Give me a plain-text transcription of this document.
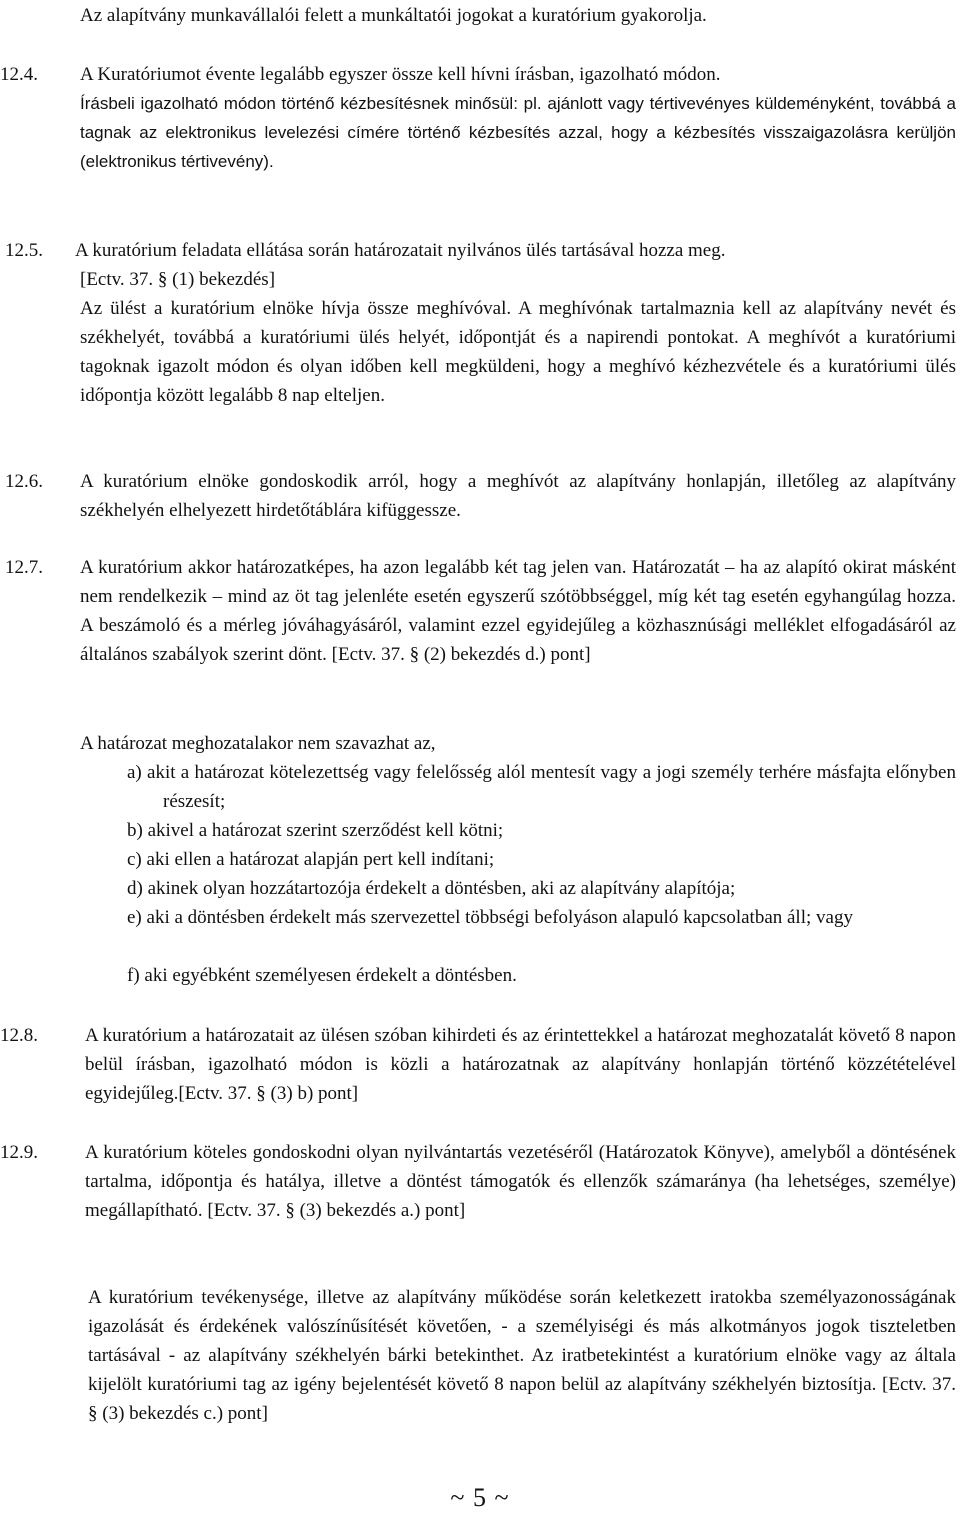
Az alapítvány munkavállalói felett a munkáltatói jogokat a kuratórium gyakorolja.

12.4. A Kuratóriumot évente legalább egyszer össze kell hívni írásban, igazolható módon.

Írásbeli igazolható módon történő kézbesítésnek minősül: pl. ajánlott vagy tértivevényes küldeményként, továbbá a tagnak az elektronikus levelezési címére történő kézbesítés azzal, hogy a kézbesítés visszaigazolásra kerüljön (elektronikus tértivevény).

12.5. A kuratórium feladata ellátása során határozatait nyilvános ülés tartásával hozza meg.

[Ectv. 37. § (1) bekezdés]

Az ülést a kuratórium elnöke hívja össze meghívóval. A meghívónak tartalmaznia kell az alapítvány nevét és székhelyét, továbbá a kuratóriumi ülés helyét, időpontját és a napirendi pontokat. A meghívót a kuratóriumi tagoknak igazolt módon és olyan időben kell megküldeni, hogy a meghívó kézhezvétele és a kuratóriumi ülés időpontja között legalább 8 nap elteljen.

12.6. A kuratórium elnöke gondoskodik arról, hogy a meghívót az alapítvány honlapján, illetőleg az alapítvány székhelyén elhelyezett hirdetőtáblára kifüggessze.

12.7. A kuratórium akkor határozatképes, ha azon legalább két tag jelen van. Határozatát – ha az alapító okirat másként nem rendelkezik – mind az öt tag jelenléte esetén egyszerű szótöbbséggel, míg két tag esetén egyhangúlag hozza. A beszámoló és a mérleg jóváhagyásáról, valamint ezzel egyidejűleg a közhasznúsági melléklet elfogadásáról az általános szabályok szerint dönt. [Ectv. 37. § (2) bekezdés d.) pont]

A határozat meghozatalakor nem szavazhat az,

a) akit a határozat kötelezettség vagy felelősség alól mentesít vagy a jogi személy terhére másfajta előnyben részesít;

b) akivel a határozat szerint szerződést kell kötni;

c) aki ellen a határozat alapján pert kell indítani;

d) akinek olyan hozzátartozója érdekelt a döntésben, aki az alapítvány alapítója;

e) aki a döntésben érdekelt más szervezettel többségi befolyáson alapuló kapcsolatban áll; vagy

f) aki egyébként személyesen érdekelt a döntésben.

12.8. A kuratórium a határozatait az ülésen szóban kihirdeti és az érintettekkel a határozat meghozatalát követő 8 napon belül írásban, igazolható módon is közli a határozatnak az alapítvány honlapján történő közzétételével egyidejűleg.[Ectv. 37. § (3) b) pont]

12.9. A kuratórium köteles gondoskodni olyan nyilvántartás vezetéséről (Határozatok Könyve), amelyből a döntésének tartalma, időpontja és hatálya, illetve a döntést támogatók és ellenzők számaránya (ha lehetséges, személye) megállapítható. [Ectv. 37. § (3) bekezdés a.) pont]

A kuratórium tevékenysége, illetve az alapítvány működése során keletkezett iratokba személyazonosságának igazolását és érdekének valószínűsítését követően, - a személyiségi és más alkotmányos jogok tiszteletben tartásával - az alapítvány székhelyén bárki betekinthet. Az iratbetekintést a kuratórium elnöke vagy az általa kijelölt kuratóriumi tag az igény bejelentését követő 8 napon belül az alapítvány székhelyén biztosítja. [Ectv. 37. § (3) bekezdés c.) pont]

~ 5 ~
